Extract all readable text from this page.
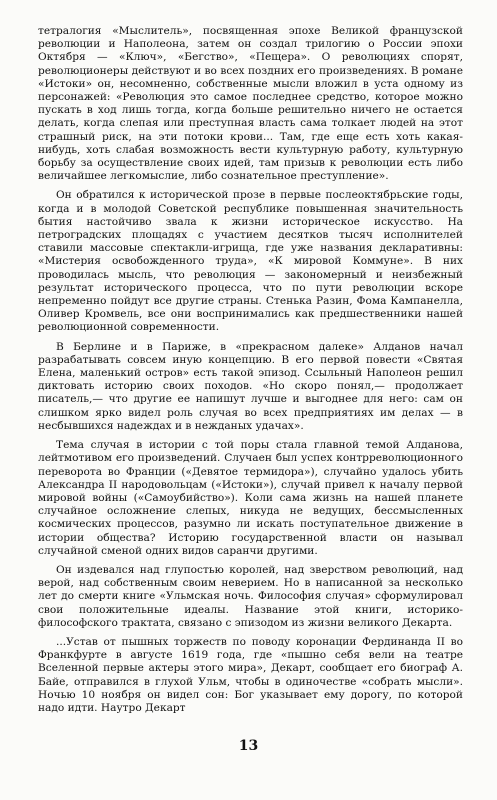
тетралогия «Мыслитель», посвященная эпохе Великой французской революции и Наполеона, затем он создал трилогию о России эпохи Октября — «Ключ», «Бегство», «Пещера». О революциях спорят, революционеры действуют и во всех поздних его произведениях. В романе «Истоки» он, несомненно, собственные мысли вложил в уста одному из персонажей: «Революция это самое последнее средство, которое можно пускать в ход лишь тогда, когда больше решительно ничего не остается делать, когда слепая или преступная власть сама толкает людей на этот страшный риск, на эти потоки крови... Там, где еще есть хоть какая-нибудь, хоть слабая возможность вести культурную работу, культурную борьбу за осуществление своих идей, там призыв к революции есть либо величайшее легкомыслие, либо сознательное преступление».

Он обратился к исторической прозе в первые послеоктябрьские годы, когда и в молодой Советской республике повышенная значительность бытия настойчиво звала к жизни историческое искусство. На петроградских площадях с участием десятков тысяч исполнителей ставили массовые спектакли-игрища, где уже названия декларативны: «Мистерия освобожденного труда», «К мировой Коммуне». В них проводилась мысль, что революция — закономерный и неизбежный результат исторического процесса, что по пути революции вскоре непременно пойдут все другие страны. Стенька Разин, Фома Кампанелла, Оливер Кромвель, все они воспринимались как предшественники нашей революционной современности.

В Берлине и в Париже, в «прекрасном далеке» Алданов начал разрабатывать совсем иную концепцию. В его первой повести «Святая Елена, маленький остров» есть такой эпизод. Ссыльный Наполеон решил диктовать историю своих походов. «Но скоро понял,— продолжает писатель,— что другие ее напишут лучше и выгоднее для него: сам он слишком ярко видел роль случая во всех предприятиях им делах — в несбывшихся надеждах и в нежданых удачах».

Тема случая в истории с той поры стала главной темой Алданова, лейтмотивом его произведений. Случаен был успех контрреволюционного переворота во Франции («Девятое термидора»), случайно удалось убить Александра II народовольцам («Истоки»), случай привел к началу первой мировой войны («Самоубийство»). Коли сама жизнь на нашей планете случайное осложнение слепых, никуда не ведущих, бессмысленных космических процессов, разумно ли искать поступательное движение в истории общества? Историю государственной власти он называл случайной сменой одних видов саранчи другими.

Он издевался над глупостью королей, над зверством революций, над верой, над собственным своим неверием. Но в написанной за несколько лет до смерти книге «Ульмская ночь. Философия случая» сформулировал свои положительные идеалы. Название этой книги, историко-философского трактата, связано с эпизодом из жизни великого Декарта.

...Устав от пышных торжеств по поводу коронации Фердинанда II во Франкфурте в августе 1619 года, где «пышно себя вели на театре Вселенной первые актеры этого мира», Декарт, сообщает его биограф А. Байе, отправился в глухой Ульм, чтобы в одиночестве «собрать мысли». Ночью 10 ноября он видел сон: Бог указывает ему дорогу, по которой надо идти. Наутро Декарт

13
